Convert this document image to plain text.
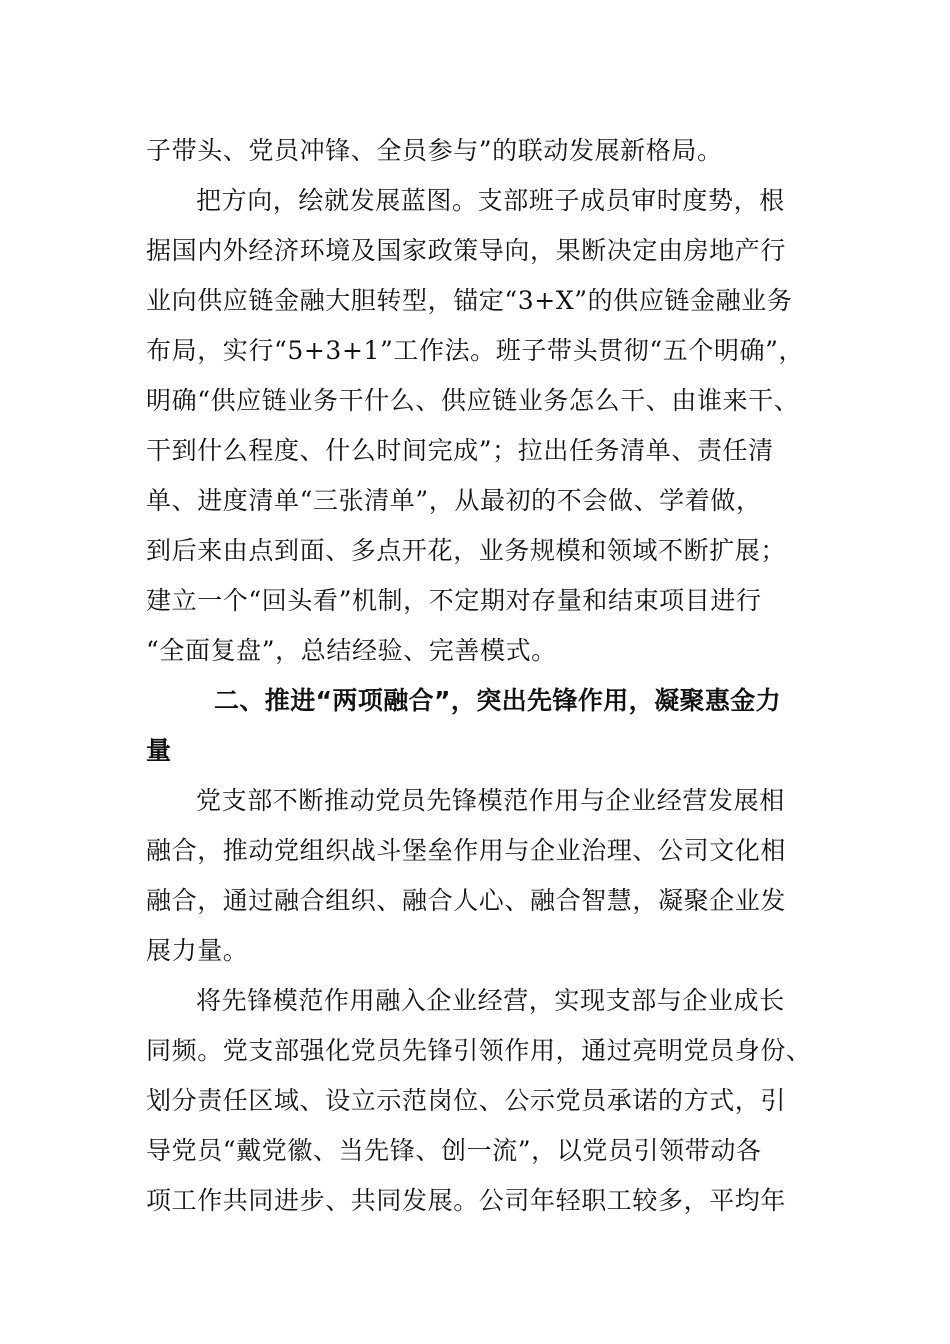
子带头、党员冲锋、全员参与”的联动发展新格局。
把方向，绘就发展蓝图。支部班子成员审时度势，根
据国内外经济环境及国家政策导向，果断决定由房地产行
业向供应链金融大胆转型，锚定“3+X”的供应链金融业务
布局，实行“5+3+1”工作法。班子带头贯彻“五个明确”，
明确“供应链业务干什么、供应链业务怎么干、由谁来干、
干到什么程度、什么时间完成”；拉出任务清单、责任清
单、进度清单“三张清单”，从最初的不会做、学着做，
到后来由点到面、多点开花，业务规模和领域不断扩展；
建立一个“回头看”机制，不定期对存量和结束项目进行
“全面复盘”，总结经验、完善模式。
二、推进“两项融合”，突出先锋作用，凝聚惠金力
量
党支部不断推动党员先锋模范作用与企业经营发展相
融合，推动党组织战斗堡垒作用与企业治理、公司文化相
融合，通过融合组织、融合人心、融合智慧，凝聚企业发
展力量。
将先锋模范作用融入企业经营，实现支部与企业成长
同频。党支部强化党员先锋引领作用，通过亮明党员身份、
划分责任区域、设立示范岗位、公示党员承诺的方式，引
导党员“戴党徽、当先锋、创一流”，以党员引领带动各
项工作共同进步、共同发展。公司年轻职工较多，平均年
